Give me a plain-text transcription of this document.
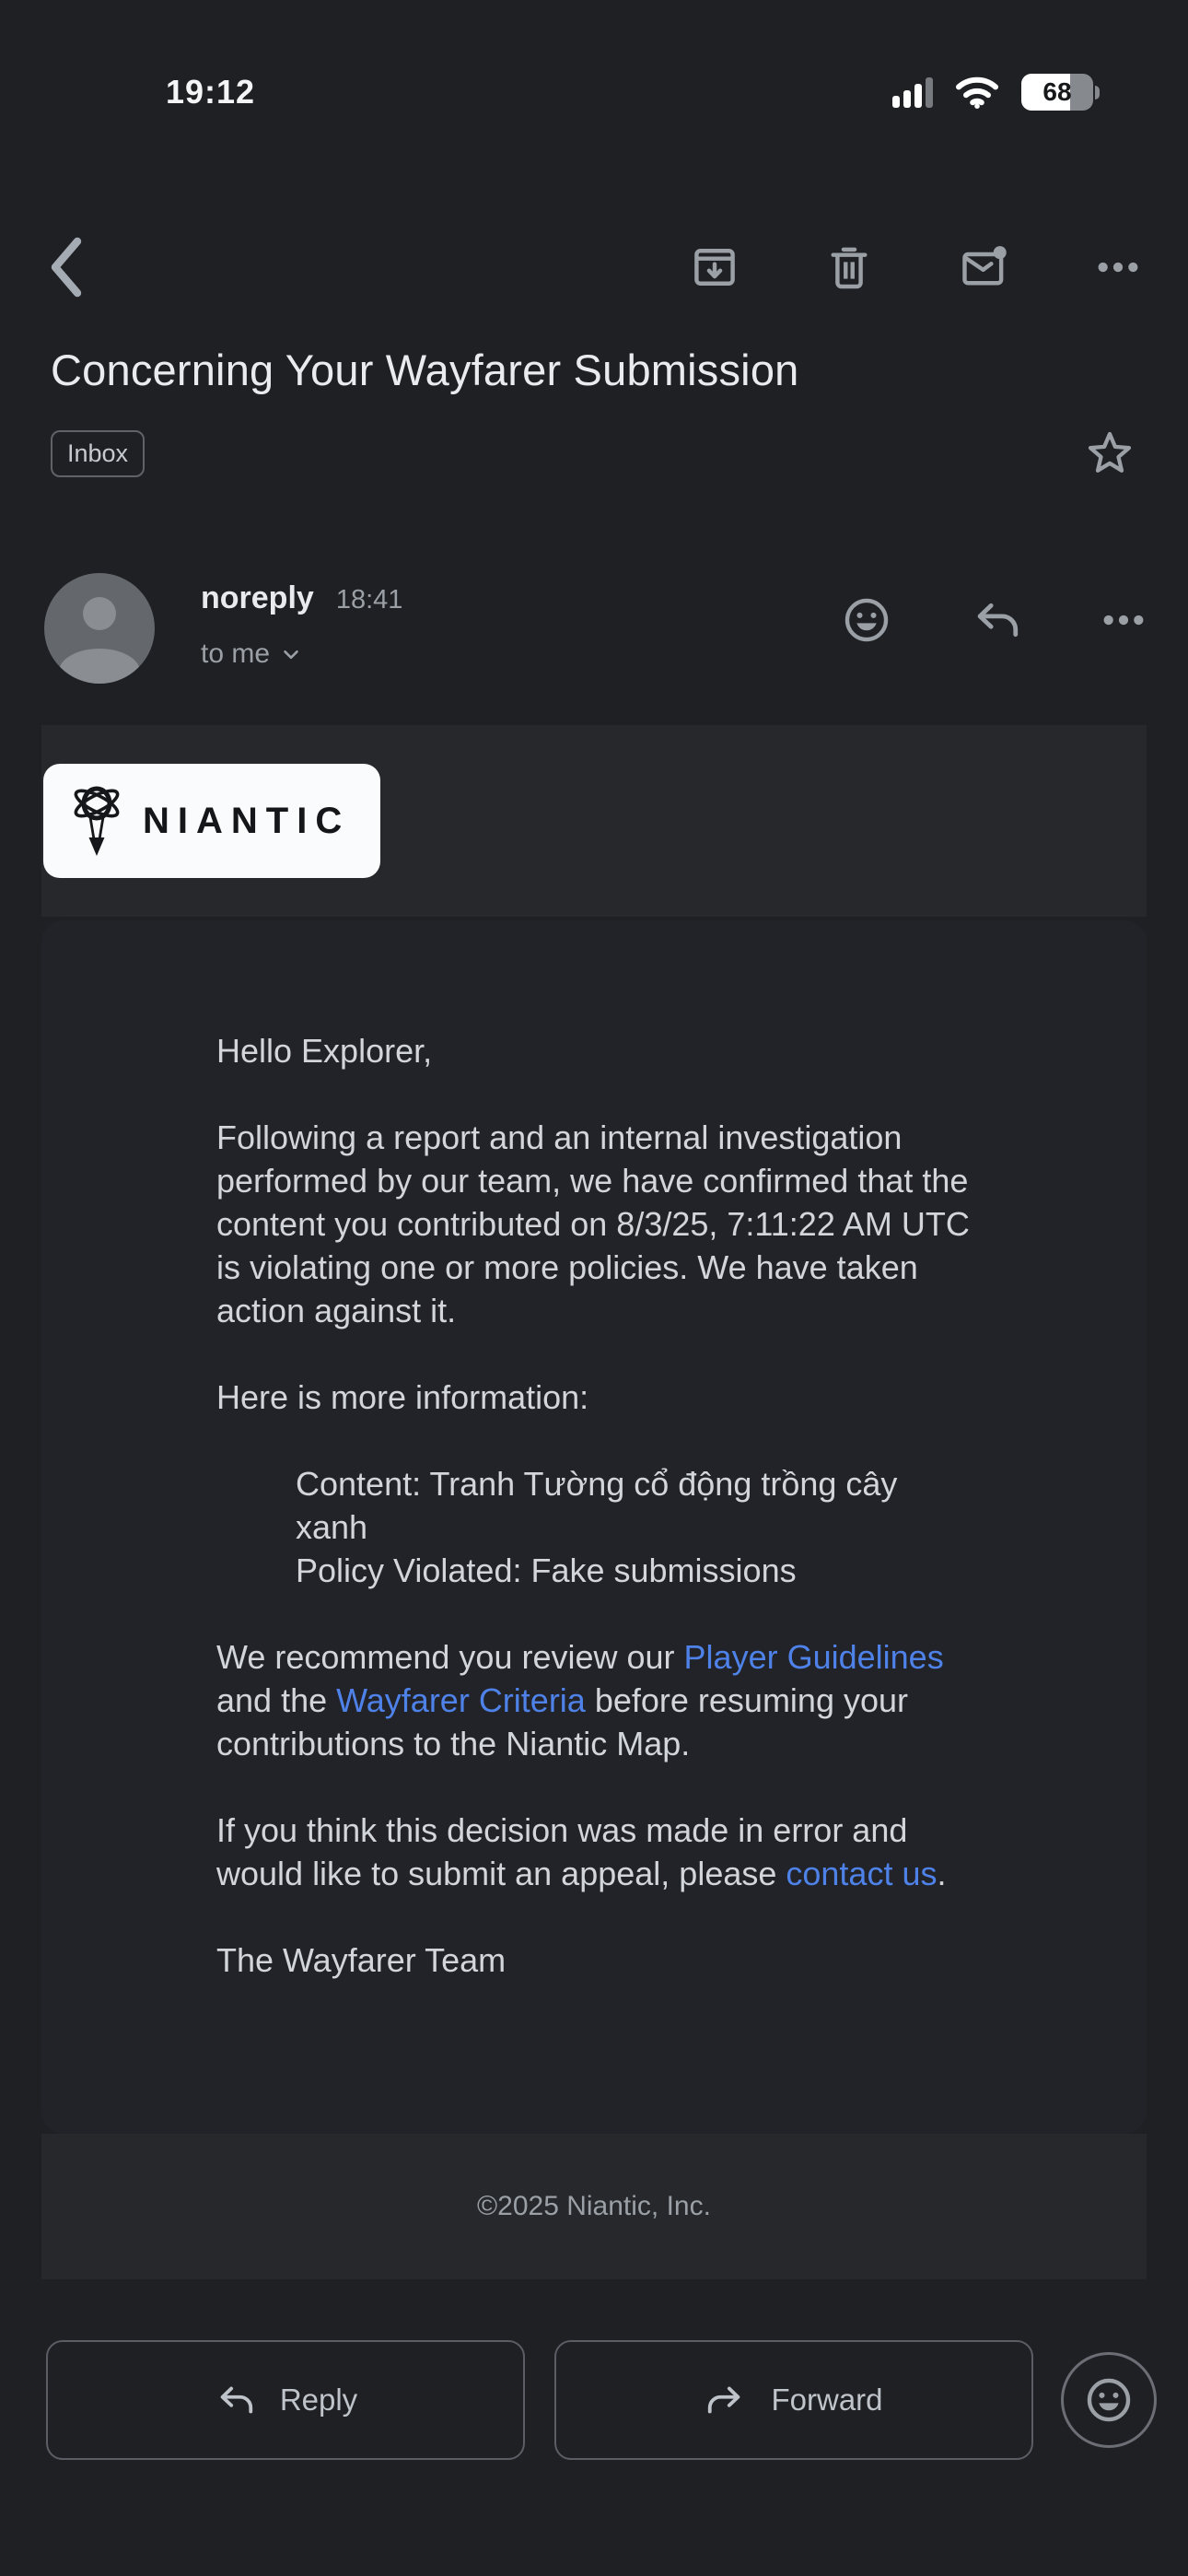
19:12	68
Concerning Your Wayfarer Submission
Inbox
noreply 18:41
to me
NIANTIC

Hello Explorer,

Following a report and an internal investigation performed by our team, we have confirmed that the content you contributed on 8/3/25, 7:11:22 AM UTC is violating one or more policies. We have taken action against it.

Here is more information:

Content: Tranh Tường cổ động trồng cây xanh

Policy Violated: Fake submissions

We recommend you review our Player Guidelines and the Wayfarer Criteria before resuming your contributions to the Niantic Map.

If you think this decision was made in error and would like to submit an appeal, please contact us.

The Wayfarer Team

©2025 Niantic, Inc.
Reply	Forward
